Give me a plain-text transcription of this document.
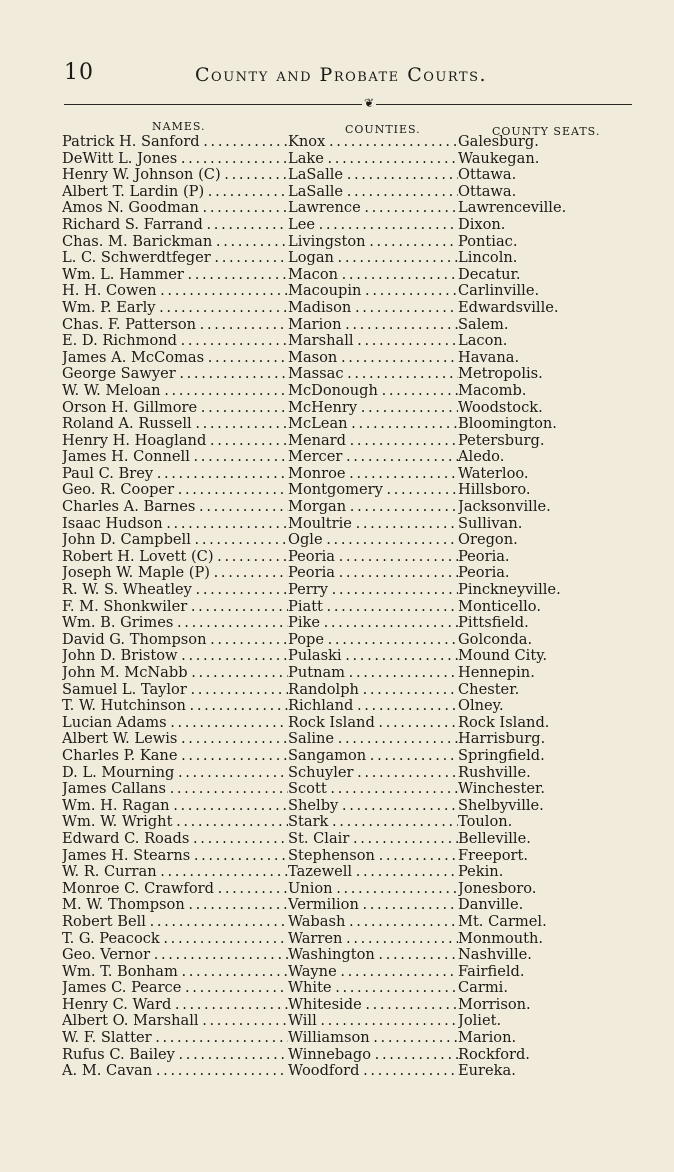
10	County and Probate Courts.
❦
NAMES.	COUNTIES.	COUNTY SEATS.
Patrick H. Sanford . . .	Knox . . .	Galesburg.
DeWitt L. Jones . . .	Lake . . .	Waukegan.
Henry W. Johnson (C) . . .	LaSalle . . .	Ottawa.
Albert T. Lardin (P) . . .	LaSalle . . .	Ottawa.
Amos N. Goodman . . .	Lawrence . . .	Lawrenceville.
Richard S. Farrand . . .	Lee . . .	Dixon.
Chas. M. Barickman . . .	Livingston . . .	Pontiac.
L. C. Schwerdtfeger . . .	Logan . . .	Lincoln.
Wm. L. Hammer . . .	Macon . . .	Decatur.
H. H. Cowen . . .	Macoupin . . .	Carlinville.
Wm. P. Early . . .	Madison . . .	Edwardsville.
Chas. F. Patterson . . .	Marion . . .	Salem.
E. D. Richmond . . .	Marshall . . .	Lacon.
James A. McComas . . .	Mason . . .	Havana.
George Sawyer . . .	Massac . . .	Metropolis.
W. W. Meloan . . .	McDonough . . .	Macomb.
Orson H. Gillmore . . .	McHenry . . .	Woodstock.
Roland A. Russell . . .	McLean . . .	Bloomington.
Henry H. Hoagland . . .	Menard . . .	Petersburg.
James H. Connell . . .	Mercer . . .	Aledo.
Paul C. Brey . . .	Monroe . . .	Waterloo.
Geo. R. Cooper . . .	Montgomery . . .	Hillsboro.
Charles A. Barnes . . .	Morgan . . .	Jacksonville.
Isaac Hudson . . .	Moultrie . . .	Sullivan.
John D. Campbell . . .	Ogle . . .	Oregon.
Robert H. Lovett (C) . . .	Peoria . . .	Peoria.
Joseph W. Maple (P) . . .	Peoria . . .	Peoria.
R. W. S. Wheatley . . .	Perry . . .	Pinckneyville.
F. M. Shonkwiler . . .	Piatt . . .	Monticello.
Wm. B. Grimes . . .	Pike . . .	Pittsfield.
David G. Thompson . . .	Pope . . .	Golconda.
John D. Bristow . . .	Pulaski . . .	Mound City.
John M. McNabb . . .	Putnam . . .	Hennepin.
Samuel L. Taylor . . .	Randolph . . .	Chester.
T. W. Hutchinson . . .	Richland . . .	Olney.
Lucian Adams . . .	Rock Island . . .	Rock Island.
Albert W. Lewis . . .	Saline . . .	Harrisburg.
Charles P. Kane . . .	Sangamon . . .	Springfield.
D. L. Mourning . . .	Schuyler . . .	Rushville.
James Callans . . .	Scott . . .	Winchester.
Wm. H. Ragan . . .	Shelby . . .	Shelbyville.
Wm. W. Wright . . .	Stark . . .	Toulon.
Edward C. Roads . . .	St. Clair . . .	Belleville.
James H. Stearns . . .	Stephenson . . .	Freeport.
W. R. Curran . . .	Tazewell . . .	Pekin.
Monroe C. Crawford . . .	Union . . .	Jonesboro.
M. W. Thompson . . .	Vermilion . . .	Danville.
Robert Bell . . .	Wabash . . .	Mt. Carmel.
T. G. Peacock . . .	Warren . . .	Monmouth.
Geo. Vernor . . .	Washington . . .	Nashville.
Wm. T. Bonham . . .	Wayne . . .	Fairfield.
James C. Pearce . . .	White . . .	Carmi.
Henry C. Ward . . .	Whiteside . . .	Morrison.
Albert O. Marshall . . .	Will . . .	Joliet.
W. F. Slatter . . .	Williamson . . .	Marion.
Rufus C. Bailey . . .	Winnebago . . .	Rockford.
A. M. Cavan . . .	Woodford . . .	Eureka.
